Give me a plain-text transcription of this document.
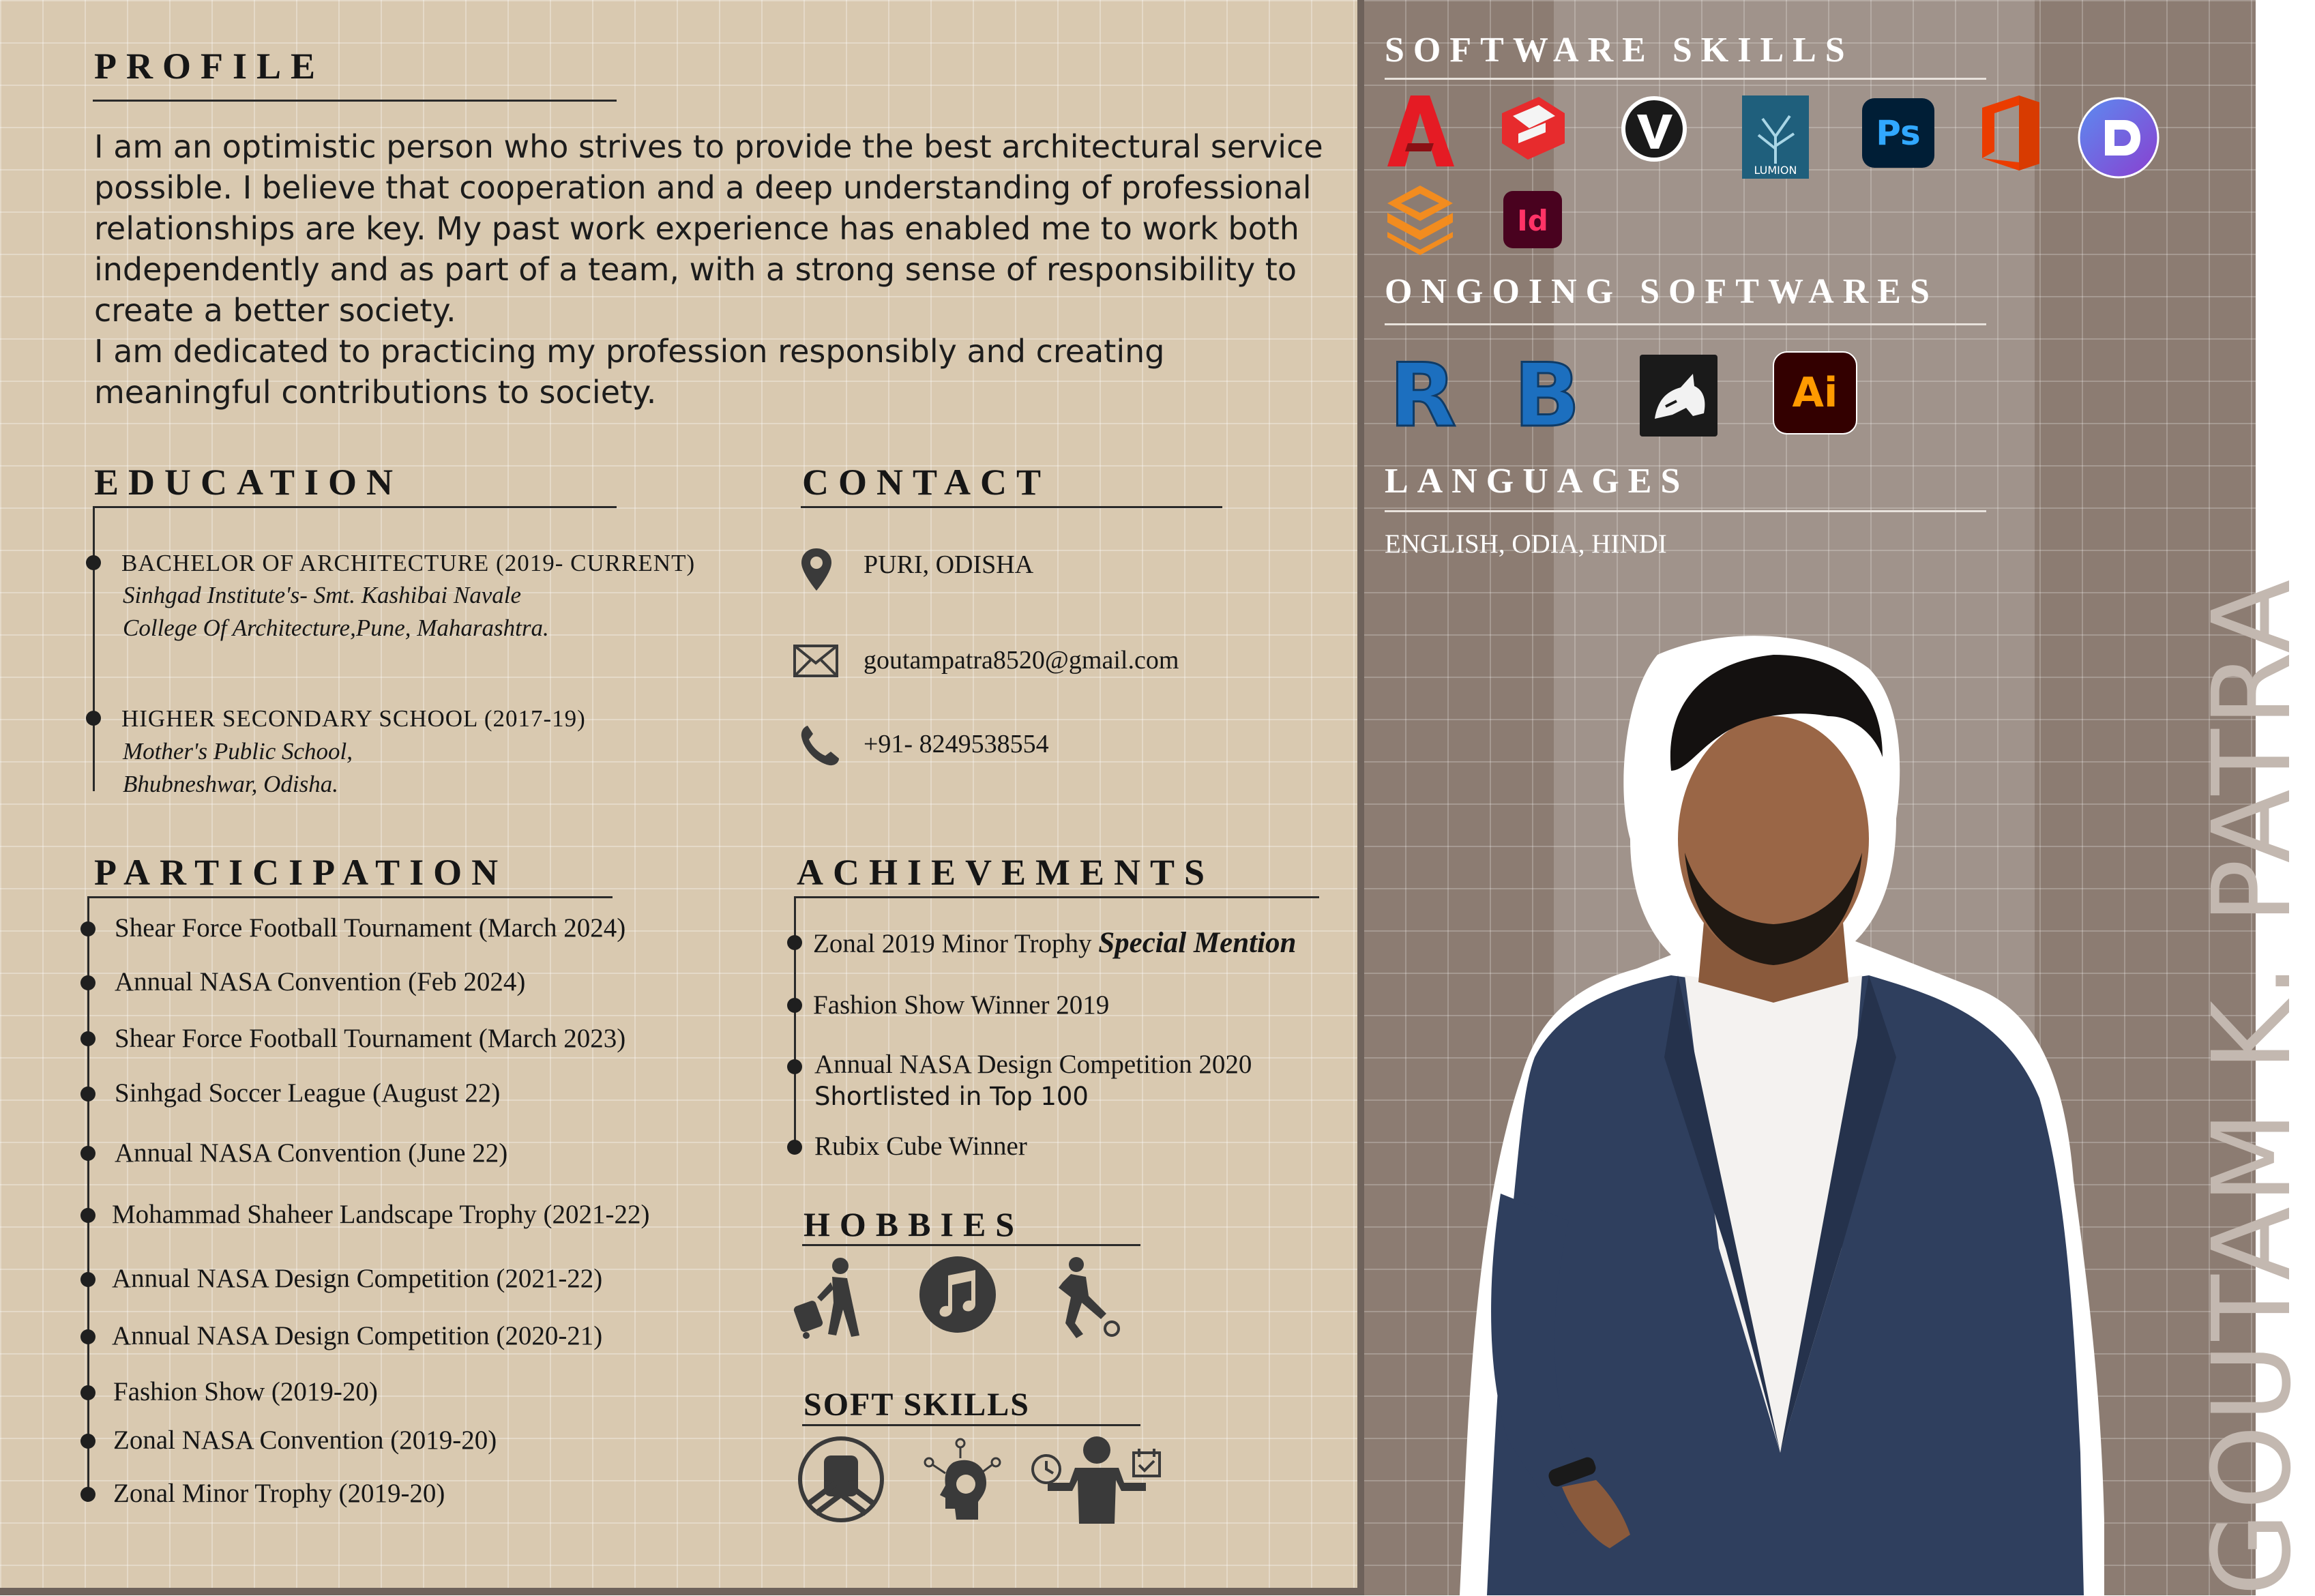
PROFILE

I am an optimistic person who strives to provide the best architectural service possible. I believe that cooperation and a deep understanding of professional relationships are key. My past work experience has enabled me to work both independently and as part of a team, with a strong sense of responsibility to create a better society.

I am dedicated to practicing my profession responsibly and creating meaningful contributions to society.

EDUCATION
BACHELOR OF ARCHITECTURE (2019- CURRENT)
Sinhgad Institute's- Smt. Kashibai Navale
College Of Architecture,Pune, Maharashtra.
HIGHER SECONDARY SCHOOL (2017-19)
Mother's Public School,
Bhubneshwar, Odisha.
CONTACT
PURI, ODISHA
goutampatra8520@gmail.com
+91- 8249538554
PARTICIPATION
Shear Force Football Tournament (March 2024)
Annual NASA Convention (Feb 2024)
Shear Force Football Tournament (March 2023)
Sinhgad Soccer League (August 22)
Annual NASA Convention (June 22)
Mohammad Shaheer Landscape Trophy (2021-22)
Annual NASA Design Competition (2021-22)
Annual NASA Design Competition (2020-21)
Fashion Show (2019-20)
Zonal NASA Convention (2019-20)
Zonal Minor Trophy (2019-20)
ACHIEVEMENTS
Zonal 2019 Minor Trophy Special Mention
Fashion Show Winner 2019
Annual NASA Design Competition 2020
Shortlisted in Top 100
Rubix Cube Winner
HOBBIES
SOFT SKILLS
SOFTWARE SKILLS
LUMION
Ps
Id
ONGOING SOFTWARES
R B	Ai
LANGUAGES
ENGLISH, ODIA, HINDI
GOUTAM K. PATRA
